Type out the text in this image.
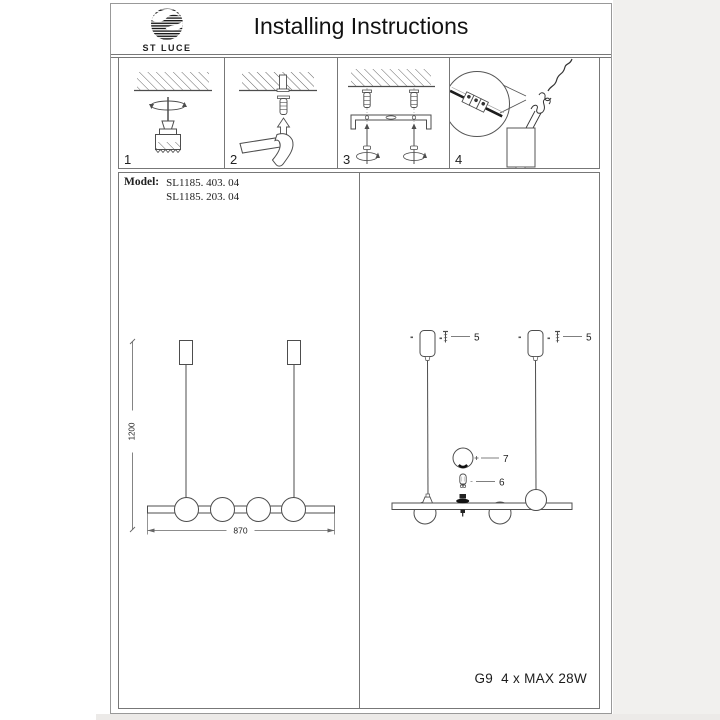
ST LUCE
Installing Instructions
1	2	3	4
Model: SL1185. 403. 04
SL1185. 203. 04
1200
870
5	5
7
6
G9  4 x MAX 28W
